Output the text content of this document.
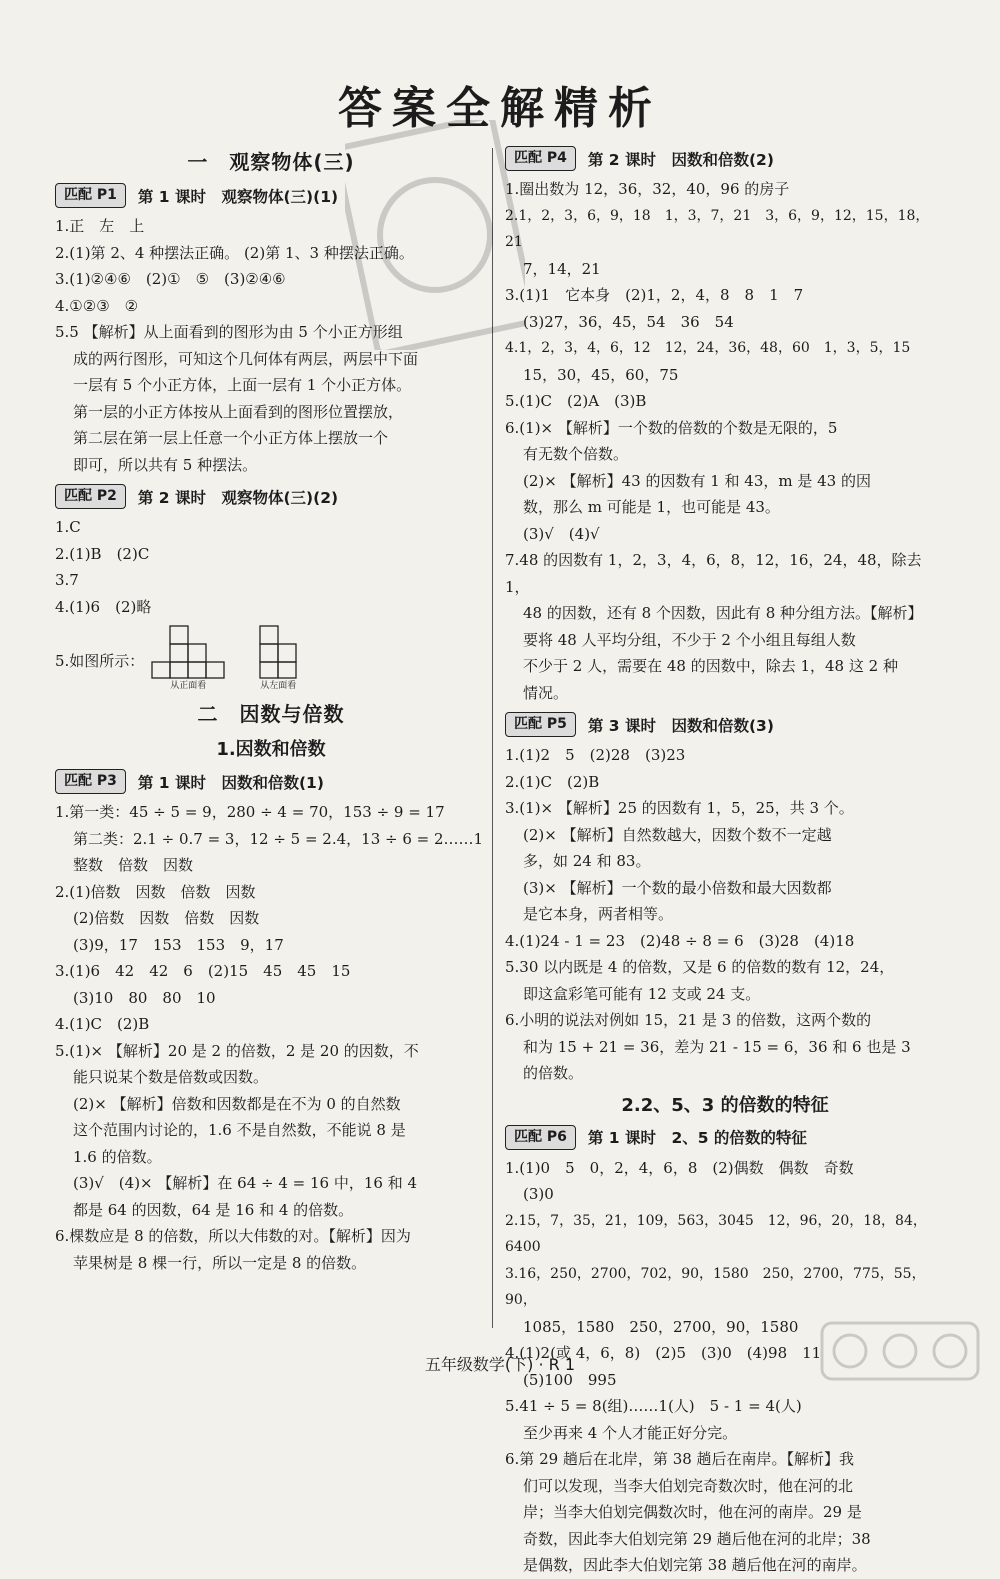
答案全解精析
一　观察物体(三)
匹配 P1	第 1 课时　观察物体(三)(1)

1.正　左　上

2.(1)第 2、4 种摆法正确。 (2)第 1、3 种摆法正确。

3.(1)②④⑥　(2)①　⑤　(3)②④⑥

4.①②③　②

5.5 【解析】从上面看到的图形为由 5 个小正方形组

成的两行图形，可知这个几何体有两层，两层中下面

一层有 5 个小正方体，上面一层有 1 个小正方体。

第一层的小正方体按从上面看到的图形位置摆放，

第二层在第一层上任意一个小正方体上摆放一个

即可，所以共有 5 种摆法。

匹配 P2	第 2 课时　观察物体(三)(2)

1.C

2.(1)B　(2)C

3.7

4.(1)6　(2)略

5.如图所示：
从正面看	从左面看
二　因数与倍数
1.因数和倍数
匹配 P3	第 1 课时　因数和倍数(1)

1.第一类：45 ÷ 5 = 9，280 ÷ 4 = 70，153 ÷ 9 = 17

第二类：2.1 ÷ 0.7 = 3，12 ÷ 5 = 2.4，13 ÷ 6 = 2……1

整数　倍数　因数

2.(1)倍数　因数　倍数　因数

(2)倍数　因数　倍数　因数

(3)9，17　153　153　9，17

3.(1)6　42　42　6　(2)15　45　45　15

(3)10　80　80　10

4.(1)C　(2)B

5.(1)× 【解析】20 是 2 的倍数，2 是 20 的因数，不

能只说某个数是倍数或因数。

(2)× 【解析】倍数和因数都是在不为 0 的自然数

这个范围内讨论的，1.6 不是自然数，不能说 8 是

1.6 的倍数。

(3)√　(4)× 【解析】在 64 ÷ 4 = 16 中，16 和 4

都是 64 的因数，64 是 16 和 4 的倍数。

6.棵数应是 8 的倍数，所以大伟数的对。【解析】因为

苹果树是 8 棵一行，所以一定是 8 的倍数。

匹配 P4	第 2 课时　因数和倍数(2)

1.圈出数为 12，36，32，40，96 的房子

2.1，2，3，6，9，18　1，3，7，21　3，6，9，12，15，18，21

7，14，21

3.(1)1　它本身　(2)1，2，4，8　8　1　7

(3)27，36，45，54　36　54

4.1，2，3，4，6，12　12，24，36，48，60　1，3，5，15

15，30，45，60，75

5.(1)C　(2)A　(3)B

6.(1)× 【解析】一个数的倍数的个数是无限的，5

有无数个倍数。

(2)× 【解析】43 的因数有 1 和 43，m 是 43 的因

数，那么 m 可能是 1，也可能是 43。

(3)√　(4)√

7.48 的因数有 1，2，3，4，6，8，12，16，24，48，除去 1，

48 的因数，还有 8 个因数，因此有 8 种分组方法。【解析】

要将 48 人平均分组，不少于 2 个小组且每组人数

不少于 2 人，需要在 48 的因数中，除去 1，48 这 2 种

情况。

匹配 P5	第 3 课时　因数和倍数(3)

1.(1)2　5　(2)28　(3)23

2.(1)C　(2)B

3.(1)× 【解析】25 的因数有 1，5，25，共 3 个。

(2)× 【解析】自然数越大，因数个数不一定越

多，如 24 和 83。

(3)× 【解析】一个数的最小倍数和最大因数都

是它本身，两者相等。

4.(1)24 - 1 = 23　(2)48 ÷ 8 = 6　(3)28　(4)18

5.30 以内既是 4 的倍数，又是 6 的倍数的数有 12，24，

即这盒彩笔可能有 12 支或 24 支。

6.小明的说法对例如 15，21 是 3 的倍数，这两个数的

和为 15 + 21 = 36，差为 21 - 15 = 6，36 和 6 也是 3

的倍数。

2.2、5、3 的倍数的特征
匹配 P6	第 1 课时　2、5 的倍数的特征

1.(1)0　5　0，2，4，6，8　(2)偶数　偶数　奇数

(3)0

2.15，7，35，21，109，563，3045　12，96，20，18，84，6400

3.16，250，2700，702，90，1580　250，2700，775，55，90，

1085，1580　250，2700，90，1580

4.(1)2(或 4，6，8)　(2)5　(3)0　(4)98　11

(5)100　995

5.41 ÷ 5 = 8(组)……1(人)　5 - 1 = 4(人)

至少再来 4 个人才能正好分完。

6.第 29 趟后在北岸，第 38 趟后在南岸。【解析】我

们可以发现，当李大伯划完奇数次时，他在河的北

岸；当李大伯划完偶数次时，他在河的南岸。29 是

奇数，因此李大伯划完第 29 趟后他在河的北岸；38

是偶数，因此李大伯划完第 38 趟后他在河的南岸。

五年级数学(下) · R 1
